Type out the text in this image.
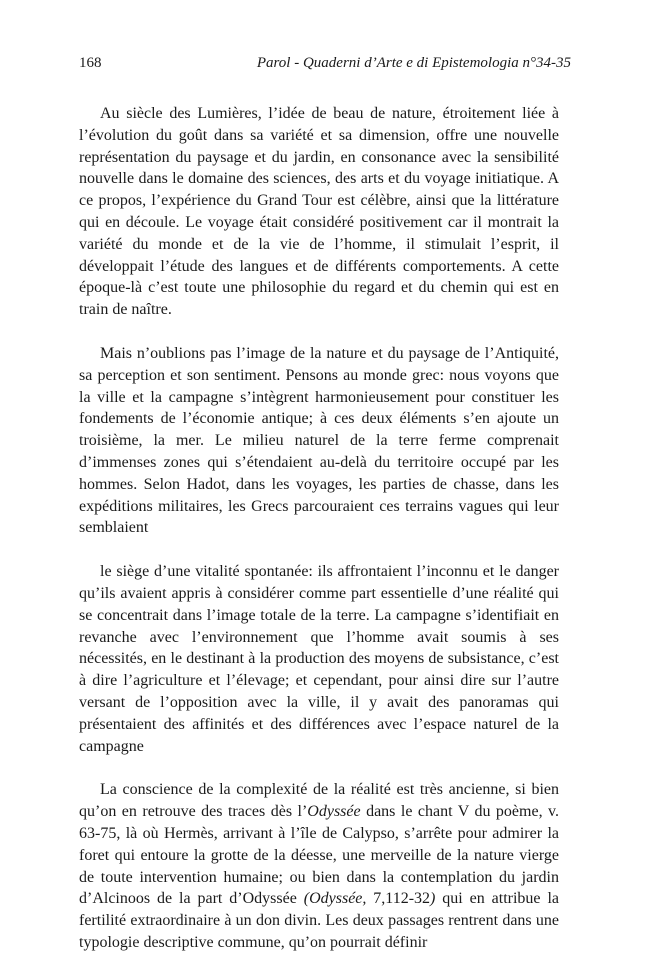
168	Parol - Quaderni d’Arte e di Epistemologia n°34-35

Au siècle des Lumières, l’idée de beau de nature, étroitement liée à l’évolution du goût dans sa variété et sa dimension, offre une nouvelle représentation du paysage et du jardin, en consonance avec la sensibilité nouvelle dans le domaine des sciences, des arts et du voyage initiatique. A ce propos, l’expérience du Grand Tour est célèbre, ainsi que la littérature qui en découle. Le voyage était considéré positivement car il montrait la variété du monde et de la vie de l’homme, il stimulait l’esprit, il développait l’étude des langues et de différents comportements. A cette époque-là c’est toute une philosophie du regard et du chemin qui est en train de naître.

Mais n’oublions pas l’image de la nature et du paysage de l’Antiquité, sa perception et son sentiment. Pensons au monde grec: nous voyons que la ville et la campagne s’intègrent harmonieusement pour constituer les fondements de l’économie antique; à ces deux éléments s’en ajoute un troisième, la mer. Le milieu naturel de la terre ferme comprenait d’immenses zones qui s’étendaient au-delà du territoire occupé par les hommes. Selon Hadot, dans les voyages, les parties de chasse, dans les expéditions militaires, les Grecs parcouraient ces terrains vagues qui leur semblaient

le siège d’une vitalité spontanée: ils affrontaient l’inconnu et le danger qu’ils avaient appris à considérer comme part essentielle d’une réalité qui se concentrait dans l’image totale de la terre. La campagne s’identifiait en revanche avec l’environnement que l’homme avait soumis à ses nécessités, en le destinant à la production des moyens de subsistance, c’est à dire l’agriculture et l’élevage; et cependant, pour ainsi dire sur l’autre versant de l’opposition avec la ville, il y avait des panoramas qui présentaient des affinités et des différences avec l’espace naturel de la campagne

La conscience de la complexité de la réalité est très ancienne, si bien qu’on en retrouve des traces dès l’Odyssée dans le chant V du poème, v. 63-75, là où Hermès, arrivant à l’île de Calypso, s’arrête pour admirer la foret qui entoure la grotte de la déesse, une merveille de la nature vierge de toute intervention humaine; ou bien dans la contemplation du jardin d’Alcinoos de la part d’Odyssée (Odyssée, 7,112-32) qui en attribue la fertilité extraordinaire à un don divin. Les deux passages rentrent dans une typologie descriptive commune, qu’on pourrait définir
